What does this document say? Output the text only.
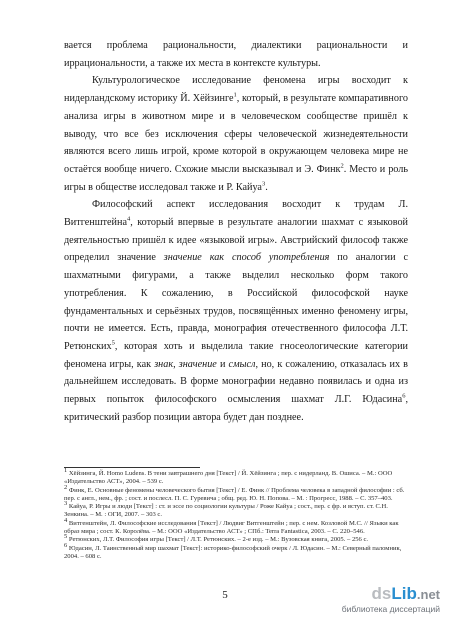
вается проблема рациональности, диалектики рациональности и иррациональности, а также их места в контексте культуры.

Культурологическое исследование феномена игры восходит к нидерландскому историку Й. Хёйзинге$^1$, который, в результате компаративного анализа игры в животном мире и в человеческом сообществе пришёл к выводу, что все без исключения сферы человеческой жизнедеятельности являются всего лишь игрой, кроме которой в окружающем человека мире не остаётся вообще ничего. Схожие мысли высказывал и Э. Финк$^2$. Место и роль игры в обществе исследовал также и Р. Кайуа$^3$.

Философский аспект исследования восходит к трудам Л. Витгенштейна$^4$, который впервые в результате аналогии шахмат с языковой деятельностью пришёл к идее «языковой игры». Австрийский философ также определил значение значение как способ употребления по аналогии с шахматными фигурами, а также выделил несколько форм такого употребления. К сожалению, в Российской философской науке фундаментальных и серьёзных трудов, посвящённых именно феномену игры, почти не имеется. Есть, правда, монография отечественного философа Л.Т. Ретюнских$^5$, которая хоть и выделила такие гносеологические категории феномена игры, как знак, значение и смысл, но, к сожалению, отказалась их в дальнейшем исследовать. В форме монографии недавно появилась и одна из первых попыток философского осмысления шахмат Л.Г. Юдасина$^6$, критический разбор позиции автора будет дан позднее.

$^1$ Хёйзинга, Й. Homo Ludens. В тени завтрашнего дня [Текст] / Й. Хёйзинга ; пер. с нидерланд. В. Ошиса. – М.: ООО «Издательство АСТ», 2004. – 539 с.

$^2$ Финк, Е. Основные феномены человеческого бытия [Текст] / Е. Финк // Проблема человека в западной философии : сб. пер. с англ., нем., фр. ; сост. и послесл. П. С. Гуревича ; общ. ред. Ю. Н. Попова. – М. : Прогресс, 1988. – С. 357–403.

$^3$ Кайуа, Р. Игры и люди [Текст] : ст. и эссе по социологии культуры / Роже Кайуа ; сост., пер. с фр. и вступ. ст. С.Н. Зенкина. – М. : ОГИ, 2007. – 303 с.

$^4$ Витгенштейн, Л. Философские исследования [Текст] / Людвиг Витгенштейн ; пер. с нем. Козловой М.С. // Языки как образ мира ; сост. К. Королёва. – М.: ООО «Издательство АСТ» ; СПб.: Terra Fantastica, 2003. – С. 220–546.

$^5$ Ретюнских, Л.Т. Философия игры [Текст] / Л.Т. Ретюнских. – 2-е изд. – М.: Вузовская книга, 2005. – 256 с.

$^6$ Юдасин, Л. Таинственный мир шахмат [Текст]: историко-философский очерк / Л. Юдасин. – М.: Северный паломник, 2004. – 608 с.

5	dsLib.net
библиотека диссертаций
